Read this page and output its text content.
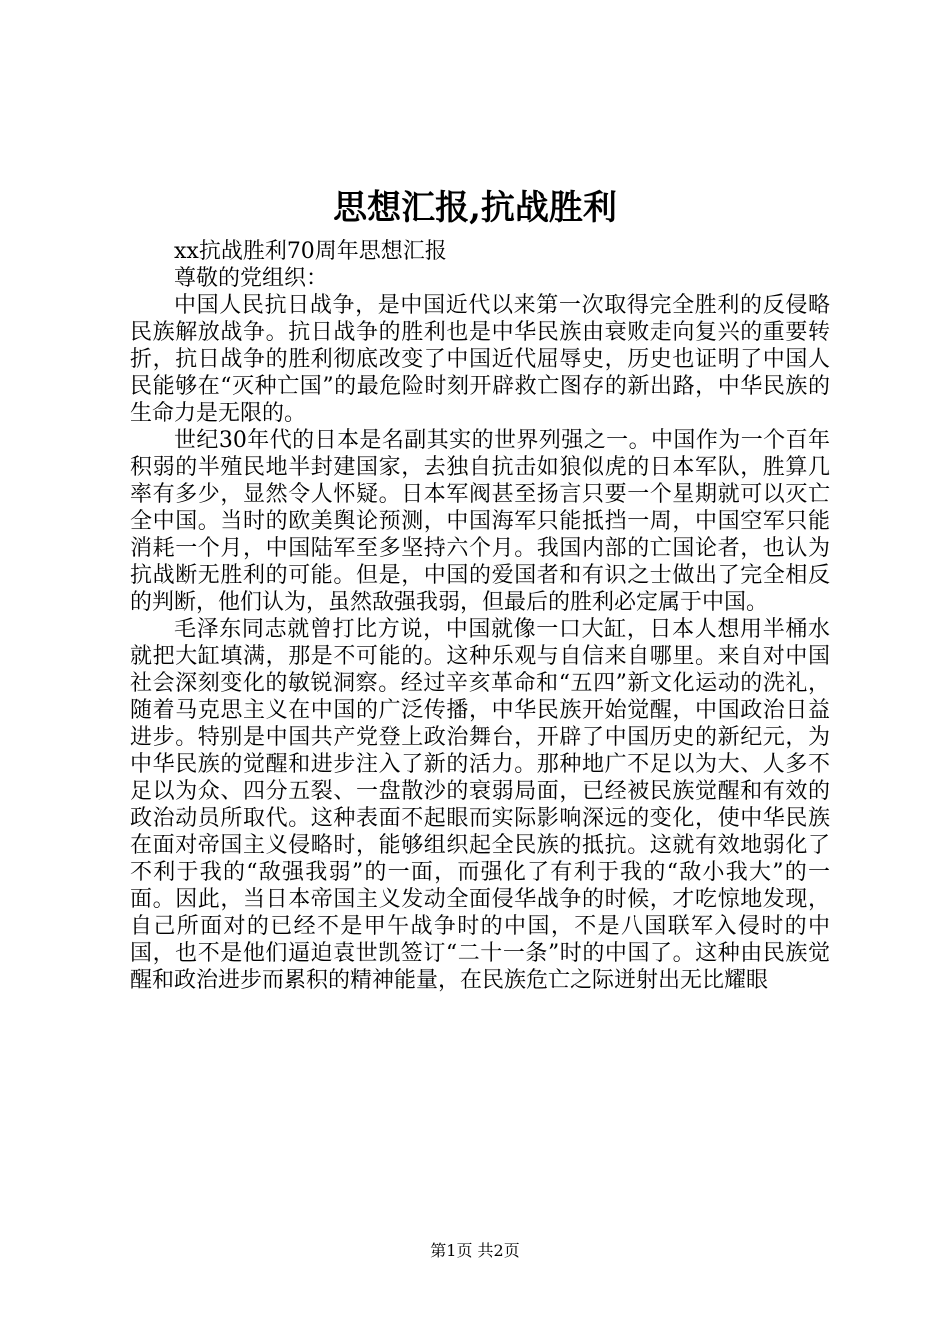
思想汇报,抗战胜利

xx抗战胜利70周年思想汇报

尊敬的党组织：

中国人民抗日战争，是中国近代以来第一次取得完全胜利的反侵略民族解放战争。抗日战争的胜利也是中华民族由衰败走向复兴的重要转折，抗日战争的胜利彻底改变了中国近代屈辱史，历史也证明了中国人民能够在“灭种亡国”的最危险时刻开辟救亡图存的新出路，中华民族的生命力是无限的。

世纪30年代的日本是名副其实的世界列强之一。中国作为一个百年积弱的半殖民地半封建国家，去独自抗击如狼似虎的日本军队，胜算几率有多少，显然令人怀疑。日本军阀甚至扬言只要一个星期就可以灭亡全中国。当时的欧美舆论预测，中国海军只能抵挡一周，中国空军只能消耗一个月，中国陆军至多坚持六个月。我国内部的亡国论者，也认为抗战断无胜利的可能。但是，中国的爱国者和有识之士做出了完全相反的判断，他们认为，虽然敌强我弱，但最后的胜利必定属于中国。

毛泽东同志就曾打比方说，中国就像一口大缸，日本人想用半桶水就把大缸填满，那是不可能的。这种乐观与自信来自哪里。来自对中国社会深刻变化的敏锐洞察。经过辛亥革命和“五四”新文化运动的洗礼，随着马克思主义在中国的广泛传播，中华民族开始觉醒，中国政治日益进步。特别是中国共产党登上政治舞台，开辟了中国历史的新纪元，为中华民族的觉醒和进步注入了新的活力。那种地广不足以为大、人多不足以为众、四分五裂、一盘散沙的衰弱局面，已经被民族觉醒和有效的政治动员所取代。这种表面不起眼而实际影响深远的变化，使中华民族在面对帝国主义侵略时，能够组织起全民族的抵抗。这就有效地弱化了不利于我的“敌强我弱”的一面，而强化了有利于我的“敌小我大”的一面。因此，当日本帝国主义发动全面侵华战争的时候，才吃惊地发现，自己所面对的已经不是甲午战争时的中国，不是八国联军入侵时的中国，也不是他们逼迫袁世凯签订“二十一条”时的中国了。这种由民族觉醒和政治进步而累积的精神能量，在民族危亡之际迸射出无比耀眼

第1页 共2页
